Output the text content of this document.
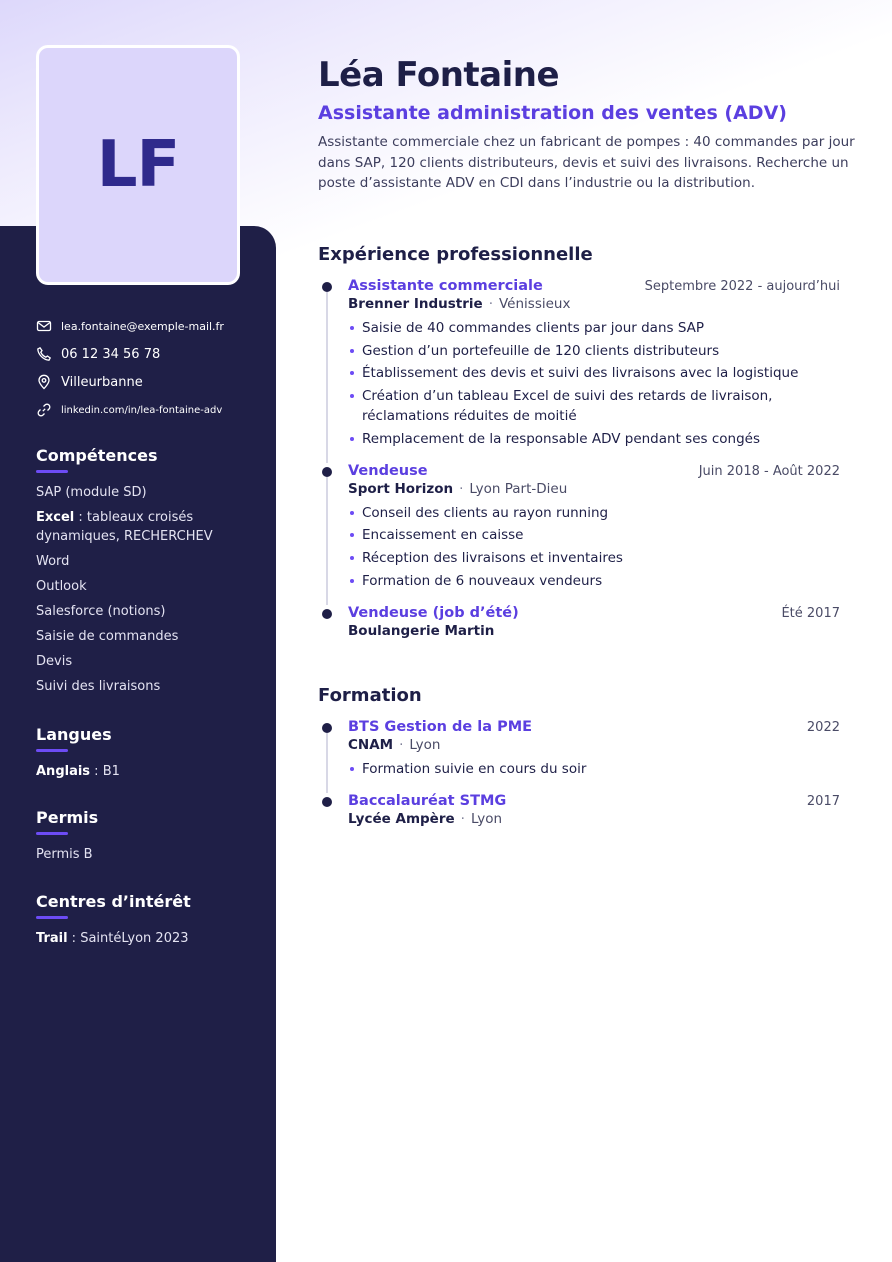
LF
lea.fontaine@exemple-mail.fr
06 12 34 56 78
Villeurbanne
linkedin.com/in/lea-fontaine-adv
Compétences
SAP (module SD)
Excel : tableaux croisés dynamiques, RECHERCHEV
Word
Outlook
Salesforce (notions)
Saisie de commandes
Devis
Suivi des livraisons
Langues
Anglais : B1
Permis
Permis B
Centres d’intérêt
Trail : SaintéLyon 2023
Léa Fontaine
Assistante administration des ventes (ADV)

Assistante commerciale chez un fabricant de pompes : 40 commandes par jour dans SAP, 120 clients distributeurs, devis et suivi des livraisons. Recherche un poste d’assistante ADV en CDI dans l’industrie ou la distribution.

Expérience professionnelle
Assistante commerciale	Septembre 2022 - aujourd’hui
Brenner Industrie · Vénissieux
Saisie de 40 commandes clients par jour dans SAP
Gestion d’un portefeuille de 120 clients distributeurs
Établissement des devis et suivi des livraisons avec la logistique
Création d’un tableau Excel de suivi des retards de livraison, réclamations réduites de moitié
Remplacement de la responsable ADV pendant ses congés
Vendeuse	Juin 2018 - Août 2022
Sport Horizon · Lyon Part-Dieu
Conseil des clients au rayon running
Encaissement en caisse
Réception des livraisons et inventaires
Formation de 6 nouveaux vendeurs
Vendeuse (job d’été)	Été 2017
Boulangerie Martin
Formation
BTS Gestion de la PME	2022
CNAM · Lyon
Formation suivie en cours du soir
Baccalauréat STMG	2017
Lycée Ampère · Lyon
